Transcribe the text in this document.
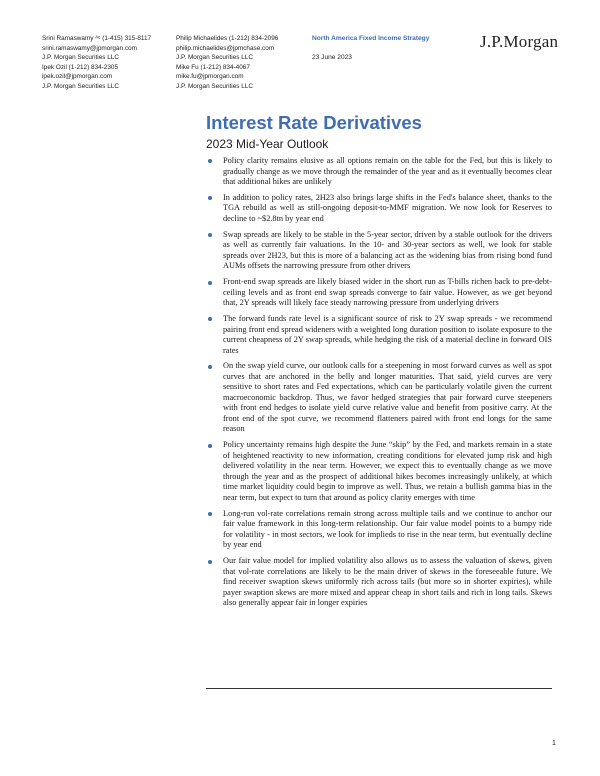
Srini Ramaswamy ᴬᶜ (1-415) 315-8117
srini.ramaswamy@jpmorgan.com
J.P. Morgan Securities LLC
Ipek Ozil (1-212) 834-2305
ipek.ozil@jpmorgan.com
J.P. Morgan Securities LLC
Philip Michaelides (1-212) 834-2096
philip.michaelides@jpmchase.com
J.P. Morgan Securities LLC
Mike Fu (1-212) 834-4067
mike.fu@jpmorgan.com
J.P. Morgan Securities LLC
North America Fixed Income Strategy
23 June 2023
J.P.Morgan
Interest Rate Derivatives
2023 Mid-Year Outlook
Policy clarity remains elusive as all options remain on the table for the Fed, but this is likely to gradually change as we move through the remainder of the year and as it eventually becomes clear that additional hikes are unlikely
In addition to policy rates, 2H23 also brings large shifts in the Fed's balance sheet, thanks to the TGA rebuild as well as still-ongoing deposit-to-MMF migration. We now look for Reserves to decline to ~$2.8tn by year end
Swap spreads are likely to be stable in the 5-year sector, driven by a stable outlook for the drivers as well as currently fair valuations. In the 10- and 30-year sectors as well, we look for stable spreads over 2H23, but this is more of a balancing act as the widening bias from rising bond fund AUMs offsets the narrowing pressure from other drivers
Front-end swap spreads are likely biased wider in the short run as T-bills richen back to pre-debt-ceiling levels and as front end swap spreads converge to fair value. However, as we get beyond that, 2Y spreads will likely face steady narrowing pressure from underlying drivers
The forward funds rate level is a significant source of risk to 2Y swap spreads - we recommend pairing front end spread wideners with a weighted long duration position to isolate exposure to the current cheapness of 2Y swap spreads, while hedging the risk of a material decline in forward OIS rates
On the swap yield curve, our outlook calls for a steepening in most forward curves as well as spot curves that are anchored in the belly and longer maturities. That said, yield curves are very sensitive to short rates and Fed expectations, which can be particularly volatile given the current macroeconomic backdrop. Thus, we favor hedged strategies that pair forward curve steepeners with front end hedges to isolate yield curve relative value and benefit from positive carry. At the front end of the spot curve, we recommend flatteners paired with front end longs for the same reason
Policy uncertainty remains high despite the June “skip” by the Fed, and markets remain in a state of heightened reactivity to new information, creating conditions for elevated jump risk and high delivered volatility in the near term. However, we expect this to eventually change as we move through the year and as the prospect of additional hikes becomes increasingly unlikely, at which time market liquidity could begin to improve as well. Thus, we retain a bullish gamma bias in the near term, but expect to turn that around as policy clarity emerges with time
Long-run vol-rate correlations remain strong across multiple tails and we continue to anchor our fair value framework in this long-term relationship. Our fair value model points to a bumpy ride for volatility - in most sectors, we look for implieds to rise in the near term, but eventually decline by year end
Our fair value model for implied volatility also allows us to assess the valuation of skews, given that vol-rate correlations are likely to be the main driver of skews in the foreseeable future. We find receiver swaption skews uniformly rich across tails (but more so in shorter expiries), while payer swaption skews are more mixed and appear cheap in short tails and rich in long tails. Skews also generally appear fair in longer expiries
1
